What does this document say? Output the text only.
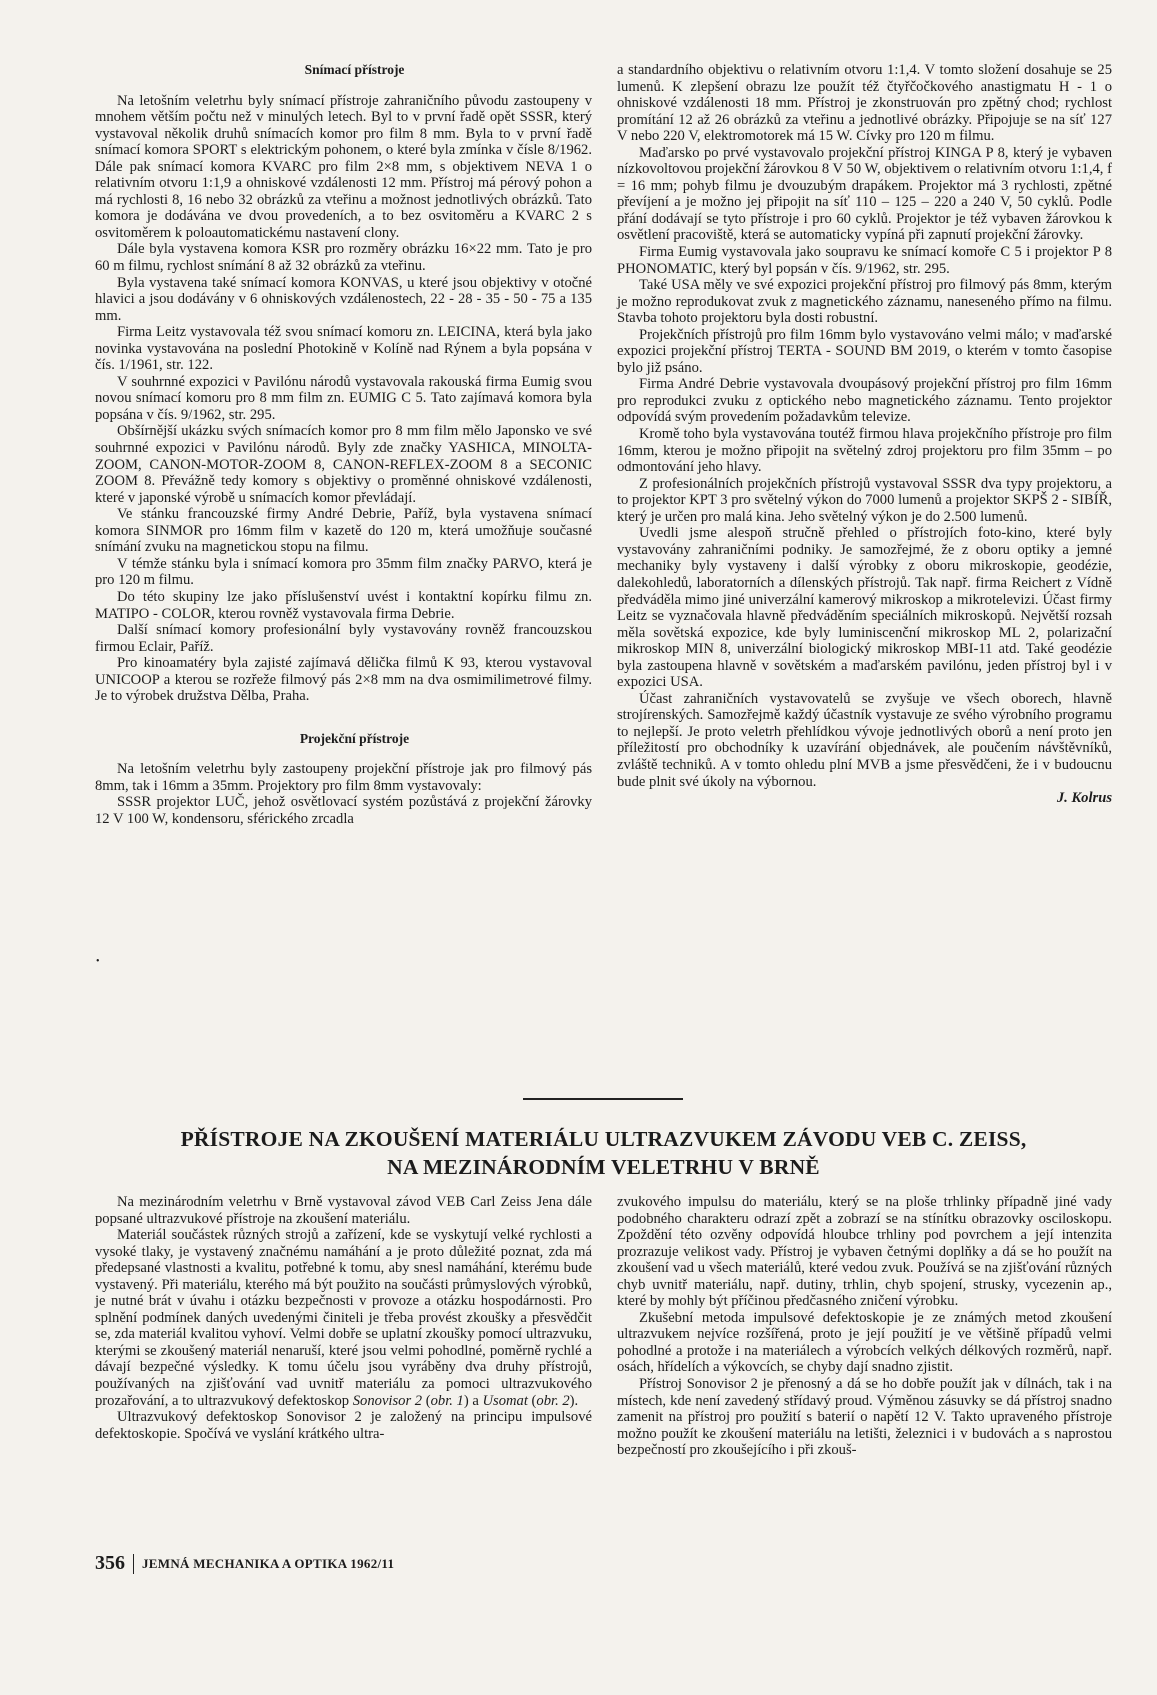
Snímací přístroje

Na letošním veletrhu byly snímací přístroje zahraničního původu zastoupeny v mnohem větším počtu než v minulých letech. Byl to v první řadě opět SSSR, který vystavoval několik druhů snímacích komor pro film 8 mm. Byla to v první řadě snímací komora SPORT s elektrickým pohonem, o které byla zmínka v čísle 8/1962. Dále pak snímací komora KVARC pro film 2×8 mm, s objektivem NEVA 1 o relativním otvoru 1:1,9 a ohniskové vzdálenosti 12 mm. Přístroj má pérový pohon a má rychlosti 8, 16 nebo 32 obrázků za vteřinu a možnost jednotlivých obrázků. Tato komora je dodávána ve dvou provedeních, a to bez osvitoměru a KVARC 2 s osvitoměrem k poloautomatickému nastavení clony.

Dále byla vystavena komora KSR pro rozměry obrázku 16×22 mm. Tato je pro 60 m filmu, rychlost snímání 8 až 32 obrázků za vteřinu.

Byla vystavena také snímací komora KONVAS, u které jsou objektivy v otočné hlavici a jsou dodávány v 6 ohniskových vzdálenostech, 22 - 28 - 35 - 50 - 75 a 135 mm.

Firma Leitz vystavovala též svou snímací komoru zn. LEICINA, která byla jako novinka vystavována na poslední Photokině v Kolíně nad Rýnem a byla popsána v čís. 1/1961, str. 122.

V souhrnné expozici v Pavilónu národů vystavovala rakouská firma Eumig svou novou snímací komoru pro 8 mm film zn. EUMIG C 5. Tato zajímavá komora byla popsána v čís. 9/1962, str. 295.

Obšírnější ukázku svých snímacích komor pro 8 mm film mělo Japonsko ve své souhrnné expozici v Pavilónu národů. Byly zde značky YASHICA, MINOLTA-ZOOM, CANON-MOTOR-ZOOM 8, CANON-REFLEX-ZOOM 8 a SECONIC ZOOM 8. Převážně tedy komory s objektivy o proměnné ohniskové vzdálenosti, které v japonské výrobě u snímacích komor převládají.

Ve stánku francouzské firmy André Debrie, Paříž, byla vystavena snímací komora SINMOR pro 16mm film v kazetě do 120 m, která umožňuje současné snímání zvuku na magnetickou stopu na filmu.

V témže stánku byla i snímací komora pro 35mm film značky PARVO, která je pro 120 m filmu.

Do této skupiny lze jako příslušenství uvést i kontaktní kopírku filmu zn. MATIPO - COLOR, kterou rovněž vystavovala firma Debrie.

Další snímací komory profesionální byly vystavovány rovněž francouzskou firmou Eclair, Paříž.

Pro kinoamatéry byla zajisté zajímavá dělička filmů K 93, kterou vystavoval UNICOOP a kterou se rozřeže filmový pás 2×8 mm na dva osmimilimetrové filmy. Je to výrobek družstva Dělba, Praha.

Projekční přístroje

Na letošním veletrhu byly zastoupeny projekční přístroje jak pro filmový pás 8mm, tak i 16mm a 35mm. Projektory pro film 8mm vystavovaly:

SSSR projektor LUČ, jehož osvětlovací systém pozůstává z projekční žárovky 12 V 100 W, kondensoru, sférického zrcadla

•

a standardního objektivu o relativním otvoru 1:1,4. V tomto složení dosahuje se 25 lumenů. K zlepšení obrazu lze použít též čtyřčočkového anastigmatu H - 1 o ohniskové vzdálenosti 18 mm. Přístroj je zkonstruován pro zpětný chod; rychlost promítání 12 až 26 obrázků za vteřinu a jednotlivé obrázky. Připojuje se na síť 127 V nebo 220 V, elektromotorek má 15 W. Cívky pro 120 m filmu.

Maďarsko po prvé vystavovalo projekční přístroj KINGA P 8, který je vybaven nízkovoltovou projekční žárovkou 8 V 50 W, objektivem o relativním otvoru 1:1,4, f = 16 mm; pohyb filmu je dvouzubým drapákem. Projektor má 3 rychlosti, zpětné převíjení a je možno jej připojit na síť 110 – 125 – 220 a 240 V, 50 cyklů. Podle přání dodávají se tyto přístroje i pro 60 cyklů. Projektor je též vybaven žárovkou k osvětlení pracoviště, která se automaticky vypíná při zapnutí projekční žárovky.

Firma Eumig vystavovala jako soupravu ke snímací komoře C 5 i projektor P 8 PHONOMATIC, který byl popsán v čís. 9/1962, str. 295.

Také USA měly ve své expozici projekční přístroj pro filmový pás 8mm, kterým je možno reprodukovat zvuk z magnetického záznamu, naneseného přímo na filmu. Stavba tohoto projektoru byla dosti robustní.

Projekčních přístrojů pro film 16mm bylo vystavováno velmi málo; v maďarské expozici projekční přístroj TERTA - SOUND BM 2019, o kterém v tomto časopise bylo již psáno.

Firma André Debrie vystavovala dvoupásový projekční přístroj pro film 16mm pro reprodukci zvuku z optického nebo magnetického záznamu. Tento projektor odpovídá svým provedením požadavkům televize.

Kromě toho byla vystavována toutéž firmou hlava projekčního přístroje pro film 16mm, kterou je možno připojit na světelný zdroj projektoru pro film 35mm – po odmontování jeho hlavy.

Z profesionálních projekčních přístrojů vystavoval SSSR dva typy projektoru, a to projektor KPT 3 pro světelný výkon do 7000 lumenů a projektor SKPŠ 2 - SIBÍŘ, který je určen pro malá kina. Jeho světelný výkon je do 2.500 lumenů.

Uvedli jsme alespoň stručně přehled o přístrojích foto-kino, které byly vystavovány zahraničními podniky. Je samozřejmé, že z oboru optiky a jemné mechaniky byly vystaveny i další výrobky z oboru mikroskopie, geodézie, dalekohledů, laboratorních a dílenských přístrojů. Tak např. firma Reichert z Vídně předváděla mimo jiné univerzální kamerový mikroskop a mikrotelevizi. Účast firmy Leitz se vyznačovala hlavně předváděním speciálních mikroskopů. Největší rozsah měla sovětská expozice, kde byly luminiscenční mikroskop ML 2, polarizační mikroskop MIN 8, univerzální biologický mikroskop MBI-11 atd. Také geodézie byla zastoupena hlavně v sovětském a maďarském pavilónu, jeden přístroj byl i v expozici USA.

Účast zahraničních vystavovatelů se zvyšuje ve všech oborech, hlavně strojírenských. Samozřejmě každý účastník vystavuje ze svého výrobního programu to nejlepší. Je proto veletrh přehlídkou vývoje jednotlivých oborů a není proto jen příležitostí pro obchodníky k uzavírání objednávek, ale poučením návštěvníků, zvláště techniků. A v tomto ohledu plní MVB a jsme přesvědčeni, že i v budoucnu bude plnit své úkoly na výbornou.

J. Kolrus

PŘÍSTROJE NA ZKOUŠENÍ MATERIÁLU ULTRAZVUKEM ZÁVODU VEB C. ZEISS,
NA MEZINÁRODNÍM VELETRHU V BRNĚ

Na mezinárodním veletrhu v Brně vystavoval závod VEB Carl Zeiss Jena dále popsané ultrazvukové přístroje na zkoušení materiálu.

Materiál součástek různých strojů a zařízení, kde se vyskytují velké rychlosti a vysoké tlaky, je vystavený značnému namáhání a je proto důležité poznat, zda má předepsané vlastnosti a kvalitu, potřebné k tomu, aby snesl namáhání, kterému bude vystavený. Při materiálu, kterého má být použito na součásti průmyslových výrobků, je nutné brát v úvahu i otázku bezpečnosti v provoze a otázku hospodárnosti. Pro splnění podmínek daných uvedenými činiteli je třeba provést zkoušky a přesvědčit se, zda materiál kvalitou vyhoví. Velmi dobře se uplatní zkoušky pomocí ultrazvuku, kterými se zkoušený materiál nenaruší, které jsou velmi pohodlné, poměrně rychlé a dávají bezpečné výsledky. K tomu účelu jsou vyráběny dva druhy přístrojů, používaných na zjišťování vad uvnitř materiálu za pomoci ultrazvukového prozařování, a to ultrazvukový defektoskop Sonovisor 2 (obr. 1) a Usomat (obr. 2).

Ultrazvukový defektoskop Sonovisor 2 je založený na principu impulsové defektoskopie. Spočívá ve vyslání krátkého ultra-

zvukového impulsu do materiálu, který se na ploše trhlinky případně jiné vady podobného charakteru odrazí zpět a zobrazí se na stínítku obrazovky osciloskopu. Zpoždění této ozvěny odpovídá hloubce trhliny pod povrchem a její intenzita prozrazuje velikost vady. Přístroj je vybaven četnými doplňky a dá se ho použít na zkoušení vad u všech materiálů, které vedou zvuk. Používá se na zjišťování různých chyb uvnitř materiálu, např. dutiny, trhlin, chyb spojení, strusky, vycezenin ap., které by mohly být příčinou předčasného zničení výrobku.

Zkušební metoda impulsové defektoskopie je ze známých metod zkoušení ultrazvukem nejvíce rozšířená, proto je její použití je ve většině případů velmi pohodlné a protože i na materiálech a výrobcích velkých délkových rozměrů, např. osách, hřídelích a výkovcích, se chyby dají snadno zjistit.

Přístroj Sonovisor 2 je přenosný a dá se ho dobře použít jak v dílnách, tak i na místech, kde není zavedený střídavý proud. Výměnou zásuvky se dá přístroj snadno zamenit na přístroj pro použití s baterií o napětí 12 V. Takto upraveného přístroje možno použít ke zkoušení materiálu na letišti, železnici i v budovách a s naprostou bezpečností pro zkoušejícího i při zkouš-

356 JEMNÁ MECHANIKA A OPTIKA 1962/11
